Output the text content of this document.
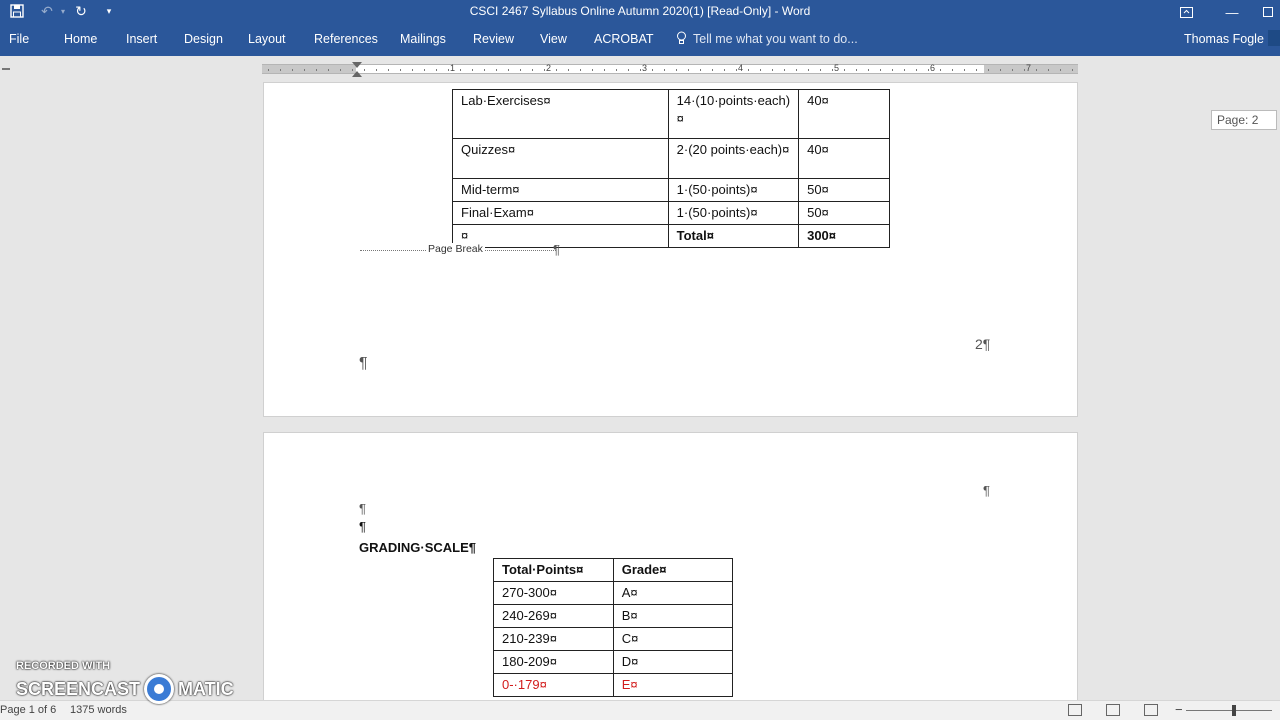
↶	▾ ↻	▾	CSCI 2467 Syllabus Online Autumn 2020(1) [Read-Only] - Word	—
File	Home Insert Design Layout References Mailings Review View ACROBAT	Tell me what you want to do...	Thomas Fogle
1	2	3	4	5	6	7
Page: 2
Lab·Exercises¤	14·(10·points·each)¤	40¤
Quizzes¤	2·(20 points·each)¤	40¤
Mid-term¤	1·(50·points)¤	50¤
Final·Exam¤	1·(50·points)¤	50¤
¤	Total¤	300¤
Page Break	¶
2¶
¶
¶
¶
¶
GRADING·SCALE¶
Total·Points¤	Grade¤
270-300¤	A¤
240-269¤	B¤
210-239¤	C¤
180-209¤	D¤
0-·179¤	E¤
Page 1 of 6 1375 words	−
RECORDED WITH
SCREENCAST MATIC
